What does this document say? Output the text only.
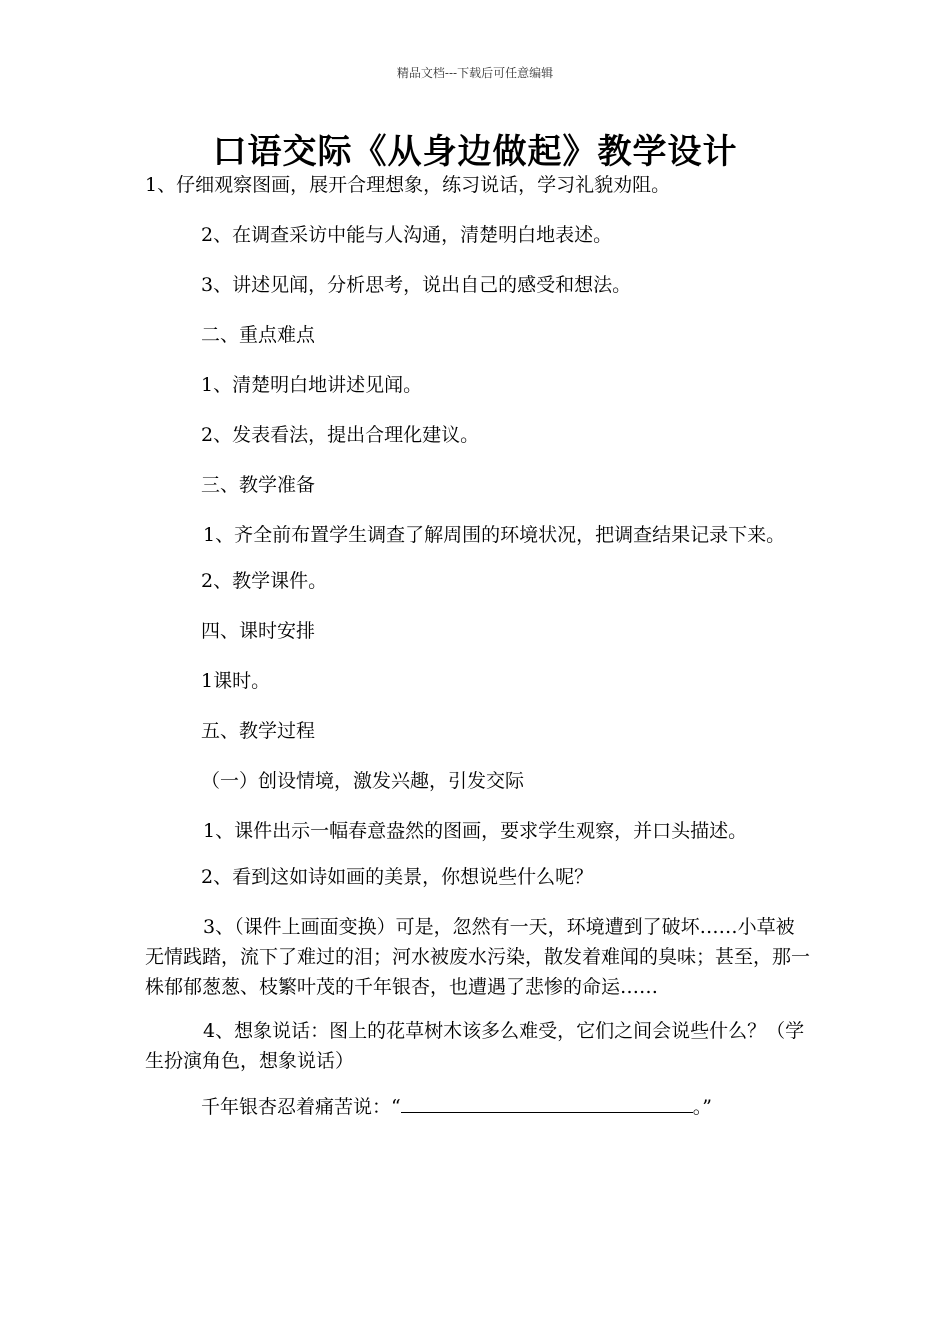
精品文档---下载后可任意编辑
口语交际《从身边做起》教学设计

1、仔细观察图画，展开合理想象，练习说话，学习礼貌劝阻。

2、在调查采访中能与人沟通，清楚明白地表述。

3、讲述见闻，分析思考，说出自己的感受和想法。

二、重点难点

1、清楚明白地讲述见闻。

2、发表看法，提出合理化建议。

三、教学准备

1、齐全前布置学生调查了解周围的环境状况，把调查结果记录下来。

2、教学课件。

四、课时安排

1课时。

五、教学过程

（一）创设情境，激发兴趣，引发交际

1、课件出示一幅春意盎然的图画，要求学生观察，并口头描述。

2、看到这如诗如画的美景，你想说些什么呢？

3、（课件上画面变换）可是，忽然有一天，环境遭到了破坏……小草被无情践踏，流下了难过的泪；河水被废水污染，散发着难闻的臭味；甚至，那一株郁郁葱葱、枝繁叶茂的千年银杏，也遭遇了悲惨的命运……

4、想象说话：图上的花草树木该多么难受，它们之间会说些什么？（学生扮演角色，想象说话）

千年银杏忍着痛苦说：“	。”
